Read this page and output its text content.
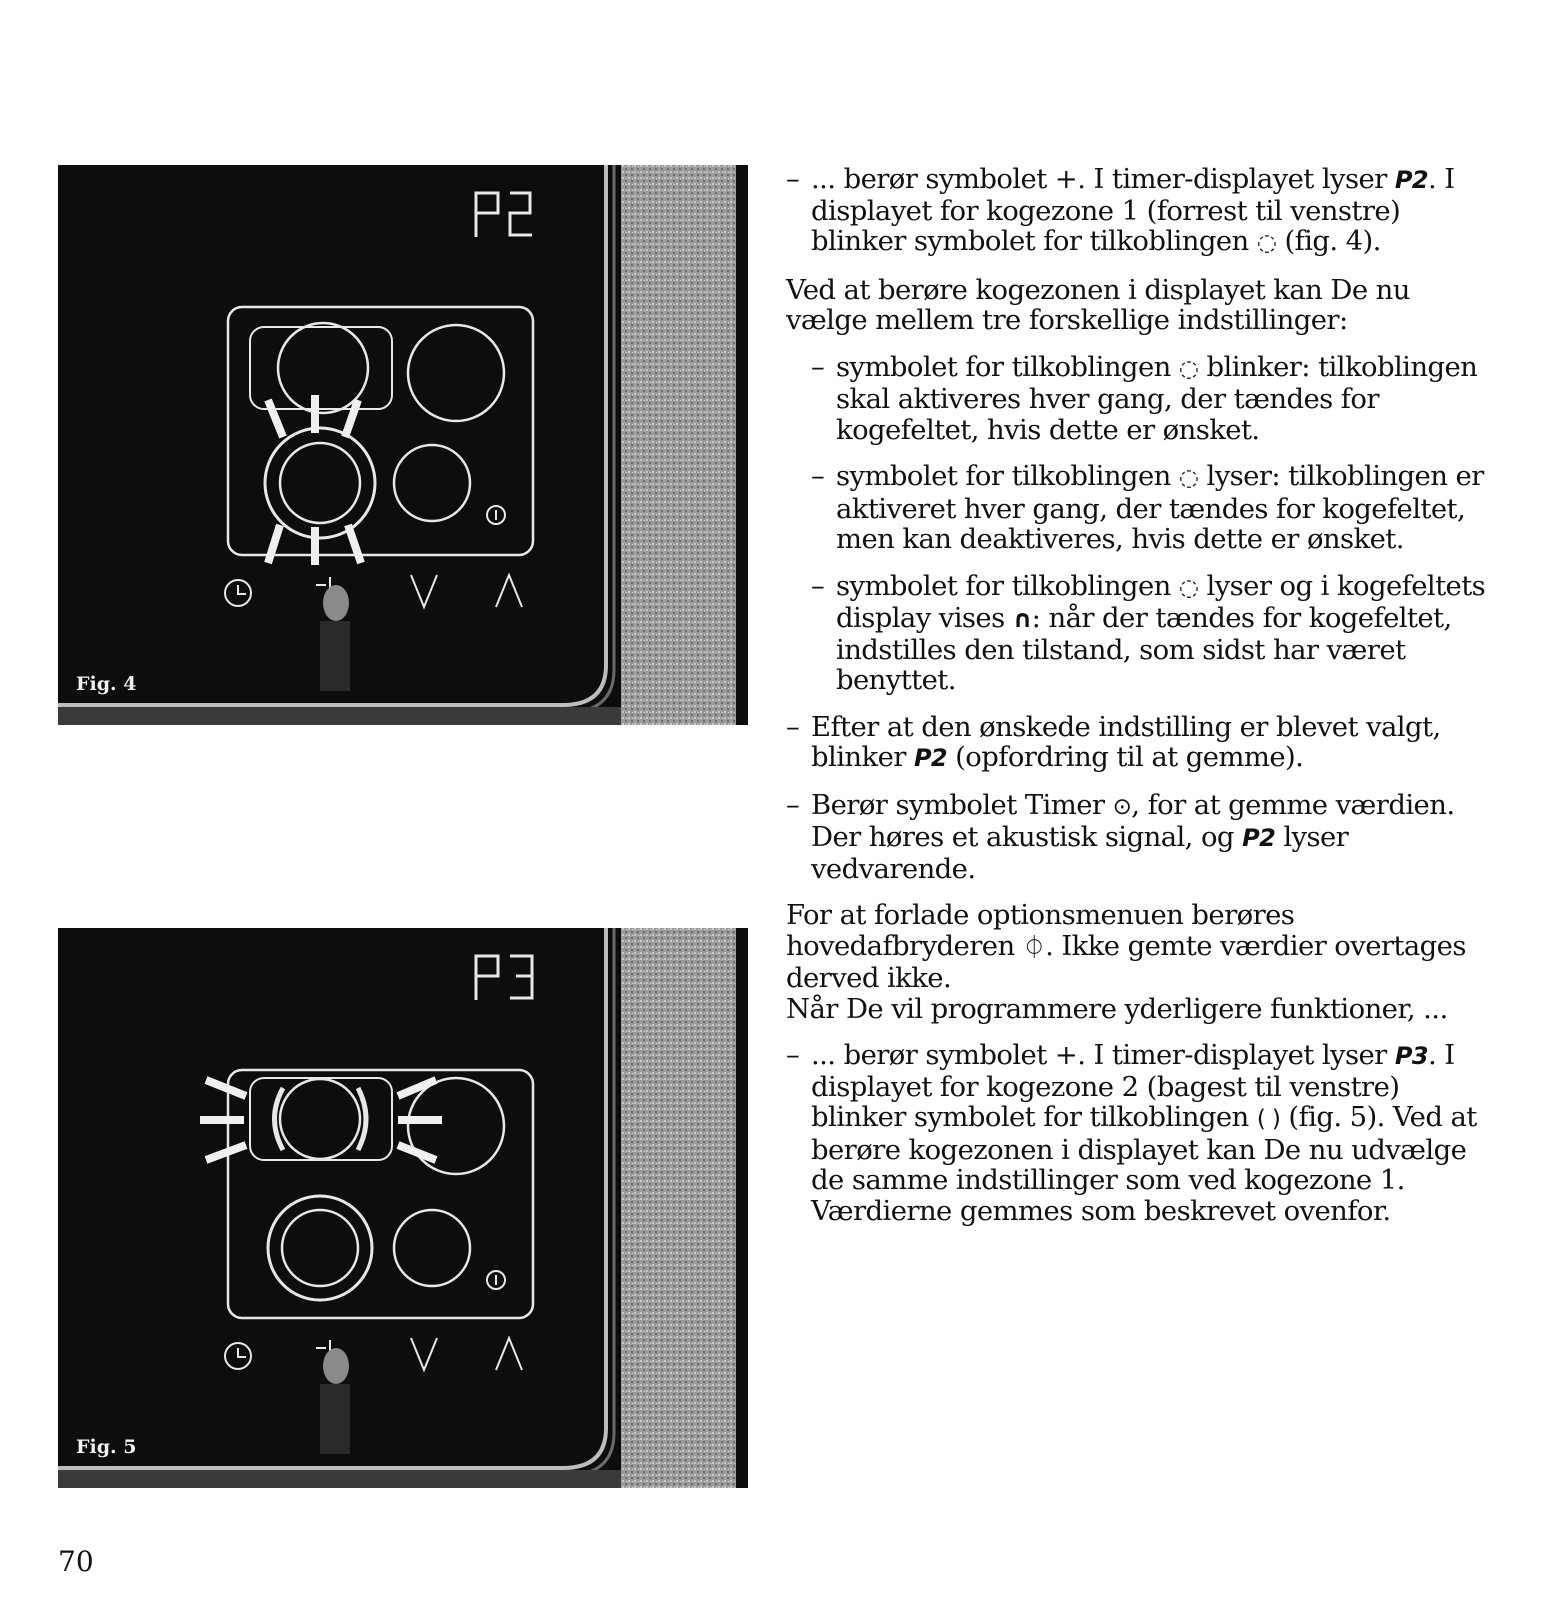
Fig. 4
Fig. 5
– ... berør symbolet +. I timer-displayet lyser P2. I displayet for kogezone 1 (forrest til venstre) blinker symbolet for tilkoblingen ◌ (fig. 4).

Ved at berøre kogezonen i displayet kan De nu vælge mellem tre forskellige indstillinger:

– symbolet for tilkoblingen ◌ blinker: tilkoblingen skal aktiveres hver gang, der tændes for kogefeltet, hvis dette er ønsket.
– symbolet for tilkoblingen ◌ lyser: tilkoblingen er aktiveret hver gang, der tændes for kogefeltet, men kan deaktiveres, hvis dette er ønsket.
– symbolet for tilkoblingen ◌ lyser og i kogefeltets display vises ∩: når der tændes for kogefeltet, indstilles den tilstand, som sidst har været benyttet.
– Efter at den ønskede indstilling er blevet valgt, blinker P2 (opfordring til at gemme).
– Berør symbolet Timer ⊙, for at gemme værdien. Der høres et akustisk signal, og P2 lyser vedvarende.

For at forlade optionsmenuen berøres hovedafbryderen ⏀. Ikke gemte værdier overtages derved ikke.

Når De vil programmere yderligere funktioner, ...

– ... berør symbolet +. I timer-displayet lyser P3. I displayet for kogezone 2 (bagest til venstre) blinker symbolet for tilkoblingen ( ) (fig. 5). Ved at berøre kogezonen i displayet kan De nu udvælge de samme indstillinger som ved kogezone 1. Værdierne gemmes som beskrevet ovenfor.
70
